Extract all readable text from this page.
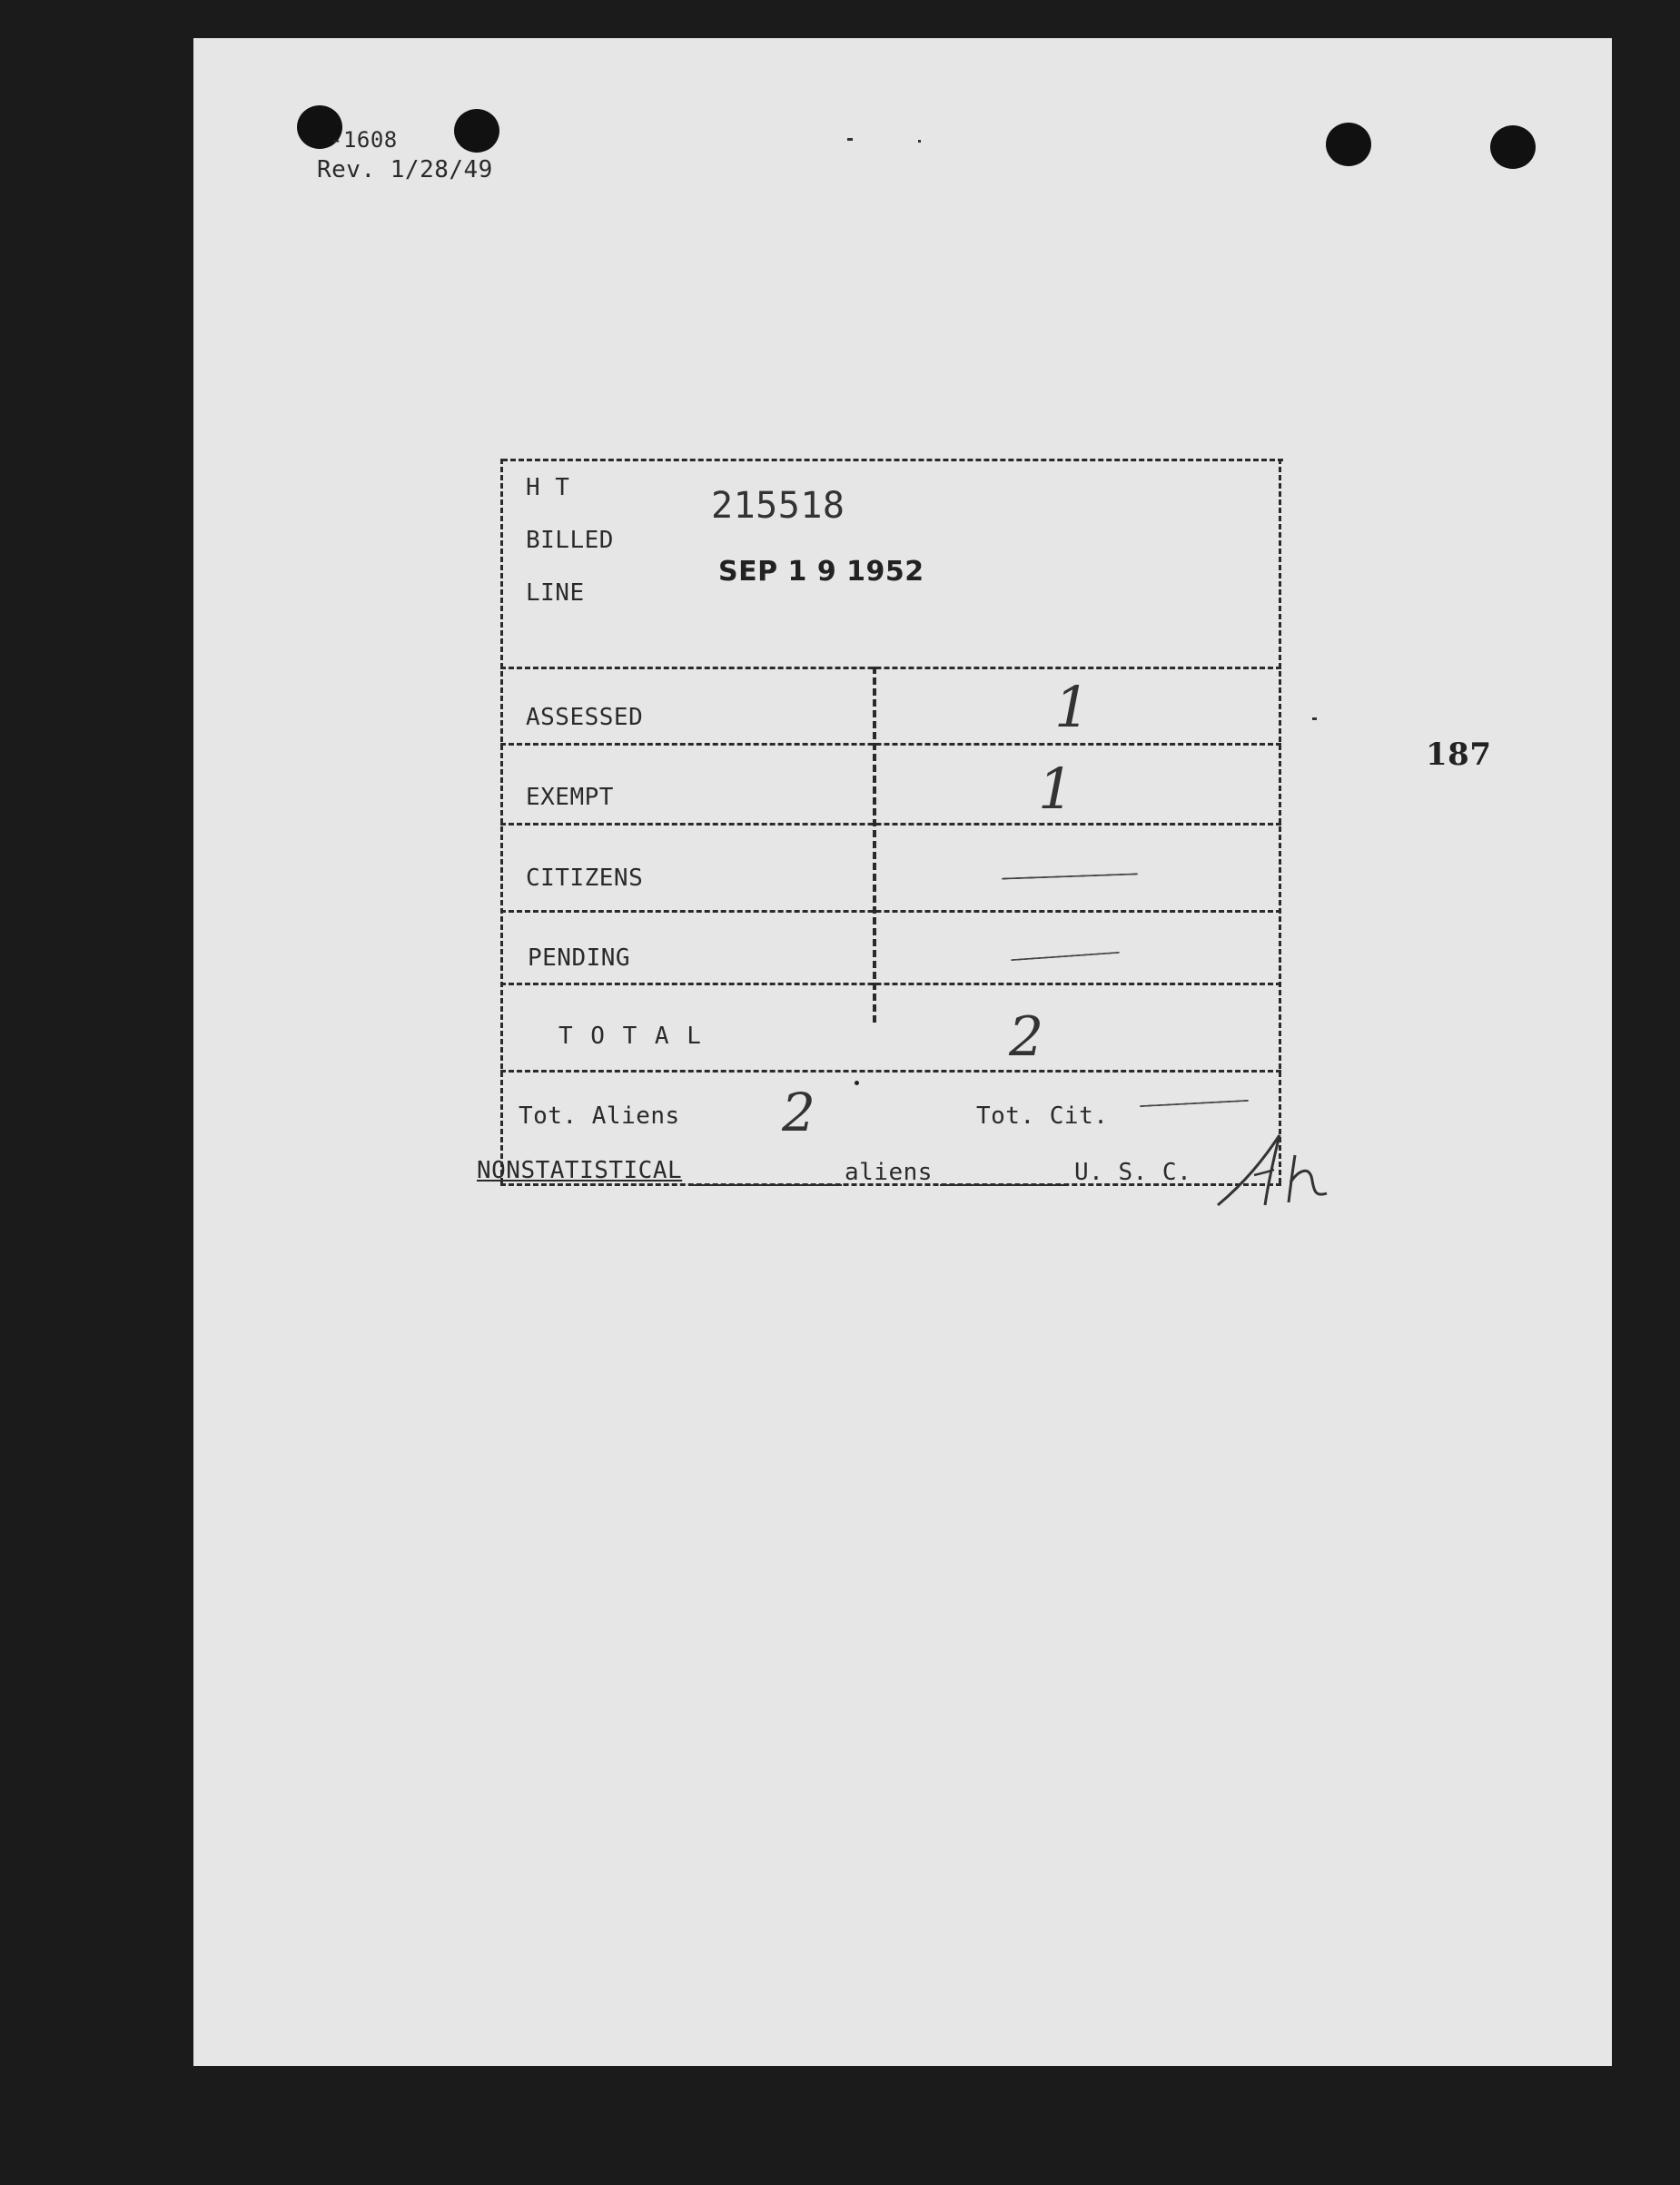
-1608
Rev. 1/28/49
187
H T
BILLED
LINE
215518
SEP 1 9 1952
ASSESSED	1
EXEMPT	1
CITIZENS
PENDING
T O T A L	2
Tot. Aliens 2	Tot. Cit.
NONSTATISTICAL	aliens	U. S. C.
